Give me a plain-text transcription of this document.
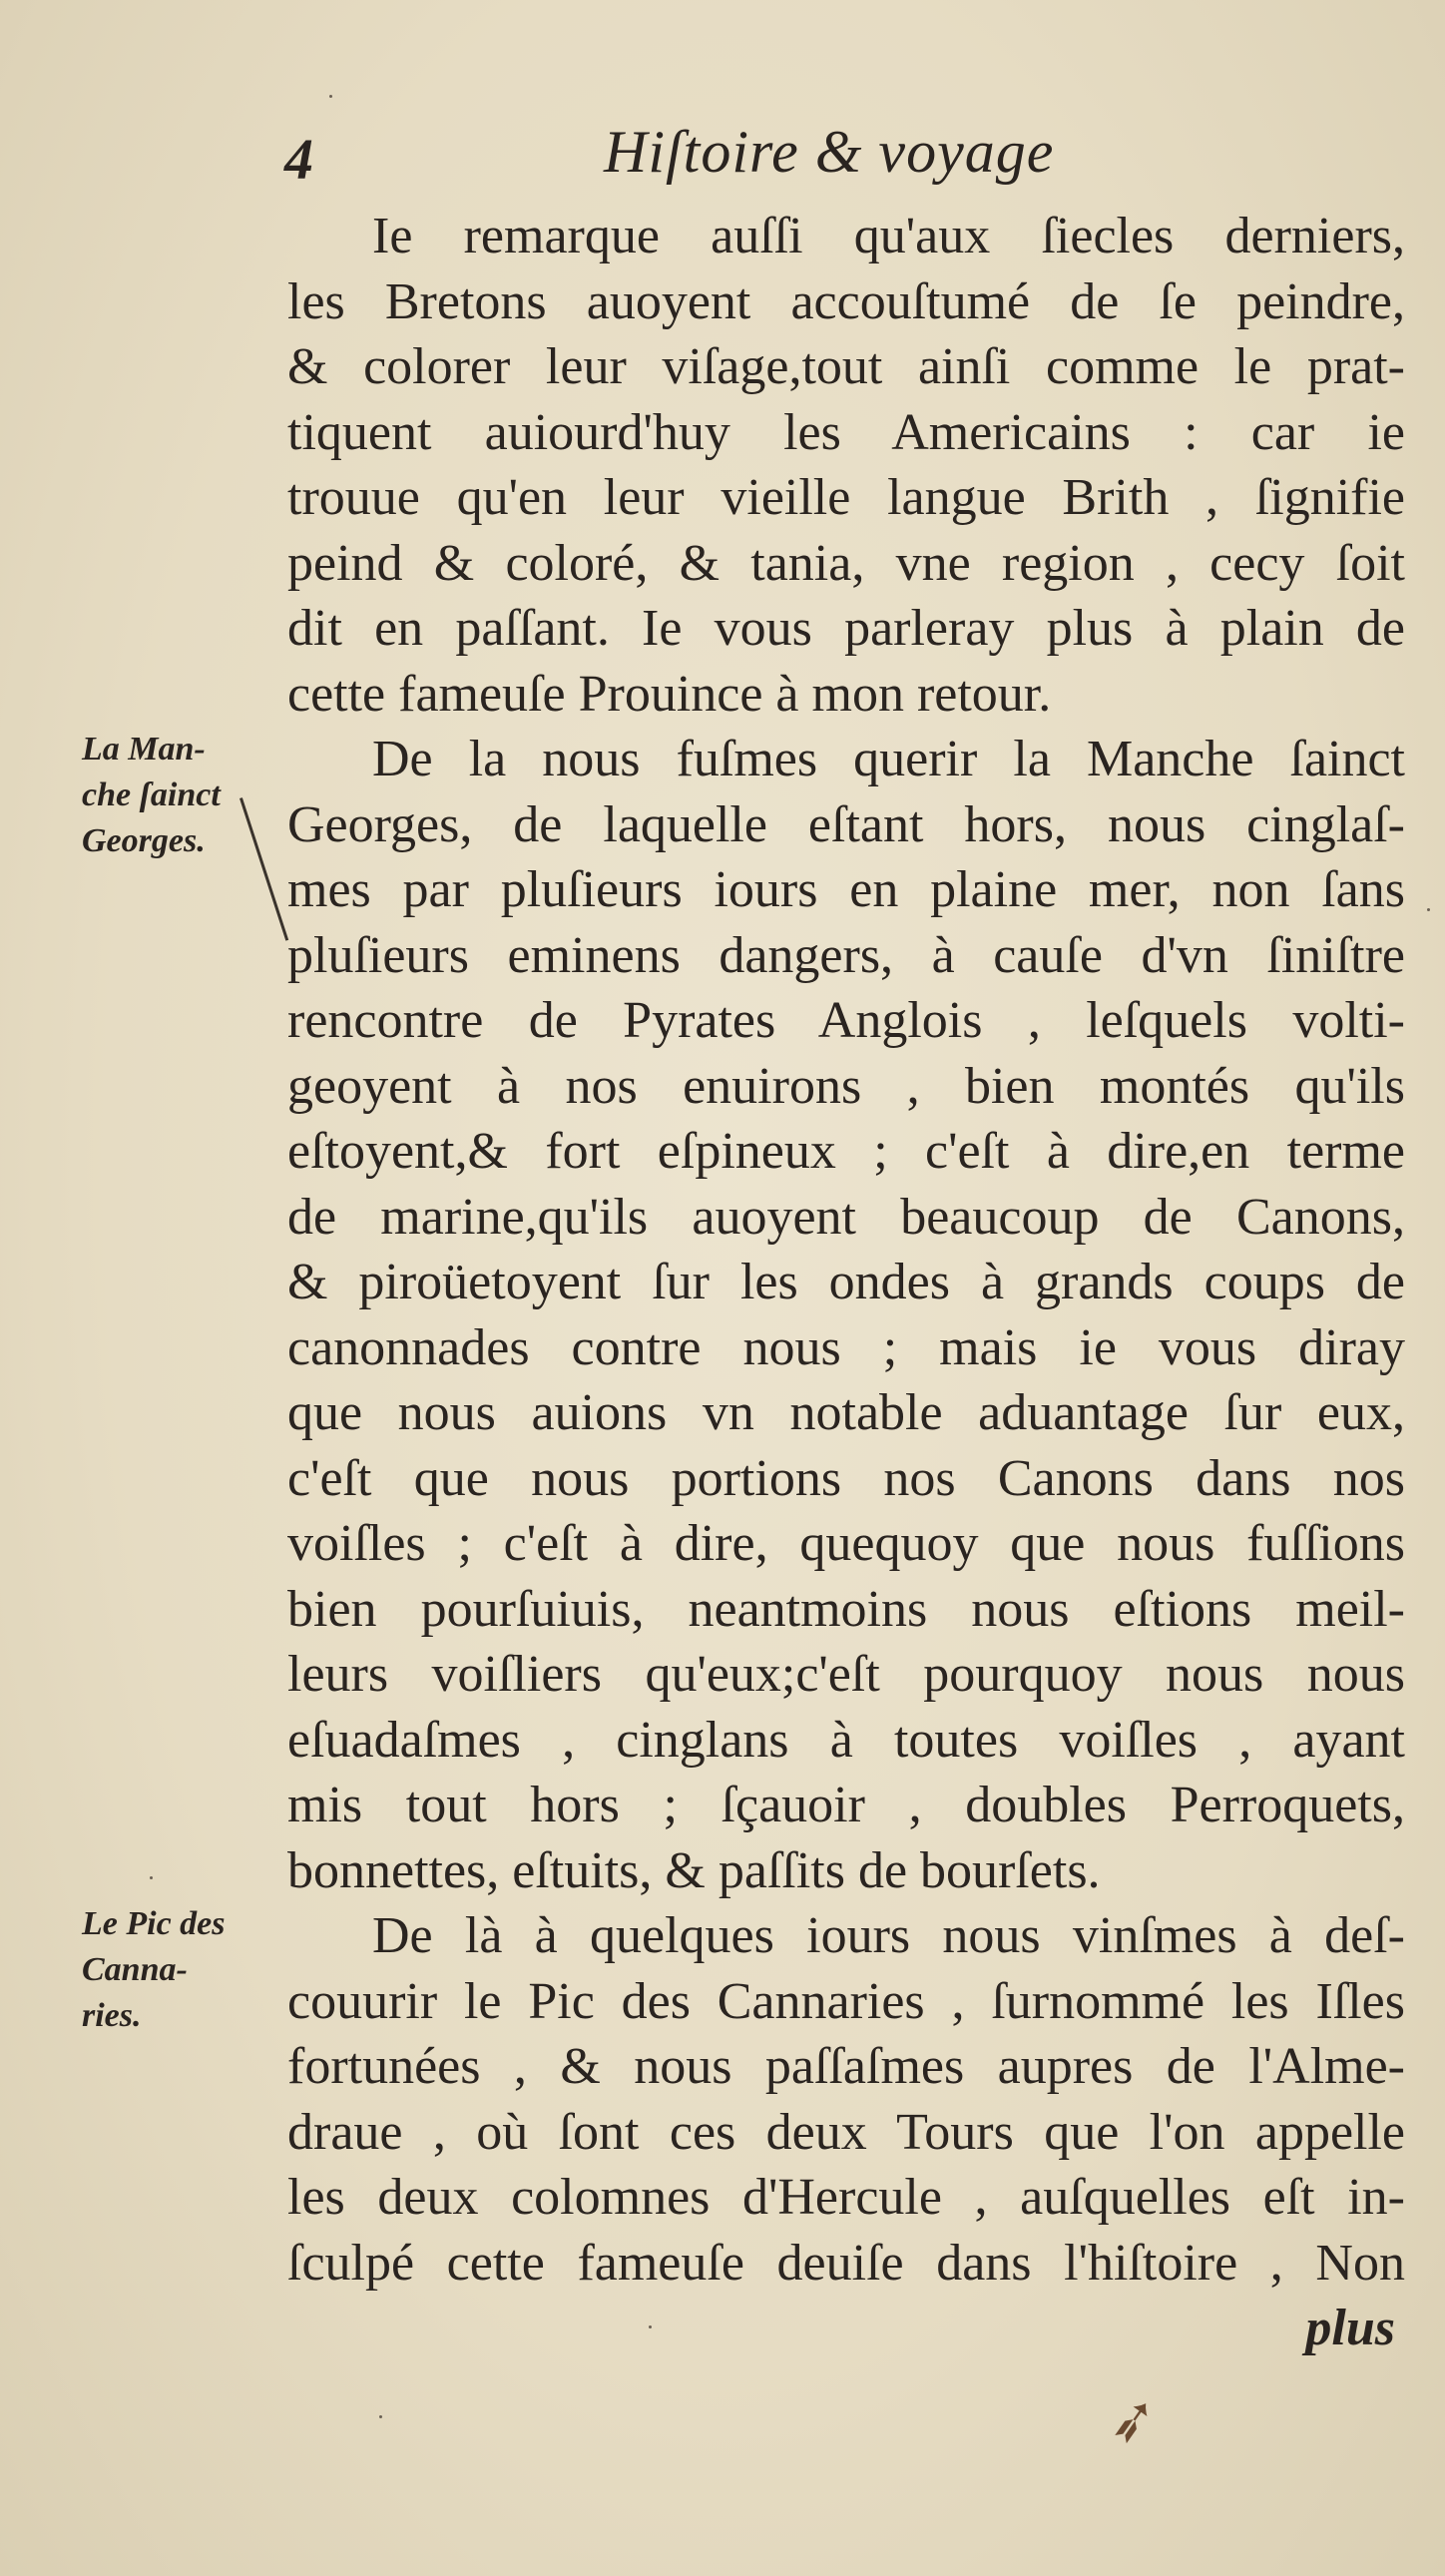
4	Hiſtoire & voyage
La Man-
che ſainct
Georges.
Le Pic des
Canna-
ries.
Ie remarque auſſi qu'aux ſiecles derniers,
les Bretons auoyent accouſtumé de ſe peindre,
& colorer leur viſage,tout ainſi comme le prat-
tiquent auiourd'huy les Americains : car ie
trouue qu'en leur vieille langue Brith , ſignifie
peind & coloré, & tania, vne region , cecy ſoit
dit en paſſant. Ie vous parleray plus à plain de
cette fameuſe Prouince à mon retour.
De la nous fuſmes querir la Manche ſainct
Georges, de laquelle eſtant hors, nous cinglaſ-
mes par pluſieurs iours en plaine mer, non ſans
pluſieurs eminens dangers, à cauſe d'vn ſiniſtre
rencontre de Pyrates Anglois , leſquels volti-
geoyent à nos enuirons , bien montés qu'ils
eſtoyent,& fort eſpineux ; c'eſt à dire,en terme
de marine,qu'ils auoyent beaucoup de Canons,
& piroüetoyent ſur les ondes à grands coups de
canonnades contre nous ; mais ie vous diray
que nous auions vn notable aduantage ſur eux,
c'eſt que nous portions nos Canons dans nos
voiſles ; c'eſt à dire, quequoy que nous fuſſions
bien pourſuiuis, neantmoins nous eſtions meil-
leurs voiſliers qu'eux;c'eſt pourquoy nous nous
eſuadaſmes , cinglans à toutes voiſles , ayant
mis tout hors ; ſçauoir , doubles Perroquets,
bonnettes, eſtuits, & paſſits de bourſets.
De là à quelques iours nous vinſmes à deſ-
couurir le Pic des Cannaries , ſurnommé les Iſles
fortunées , & nous paſſaſmes aupres de l'Alme-
draue , où ſont ces deux Tours que l'on appelle
les deux colomnes d'Hercule , auſquelles eſt in-
ſculpé cette fameuſe deuiſe dans l'hiſtoire , Non
plus
➶
